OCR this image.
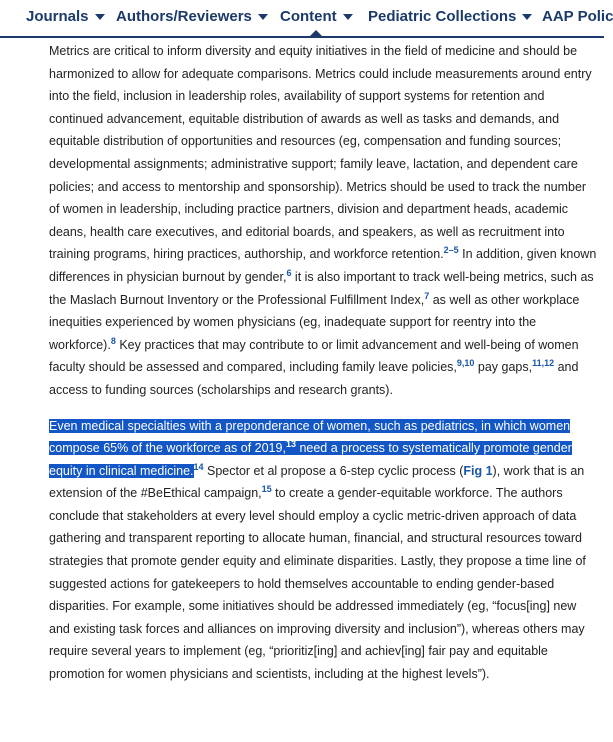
Journals	Authors/Reviewers	Content	Pediatric Collections	AAP Polic

Metrics are critical to inform diversity and equity initiatives in the field of medicine and should be harmonized to allow for adequate comparisons. Metrics could include measurements around entry into the field, inclusion in leadership roles, availability of support systems for retention and continued advancement, equitable distribution of awards as well as tasks and demands, and equitable distribution of opportunities and resources (eg, compensation and funding sources; developmental assignments; administrative support; family leave, lactation, and dependent care policies; and access to mentorship and sponsorship). Metrics should be used to track the number of women in leadership, including practice partners, division and department heads, academic deans, health care executives, and editorial boards, and speakers, as well as recruitment into training programs, hiring practices, authorship, and workforce retention.$^{2-5}$ In addition, given known differences in physician burnout by gender,$^6$ it is also important to track well-being metrics, such as the Maslach Burnout Inventory or the Professional Fulfillment Index,$^7$ as well as other workplace inequities experienced by women physicians (eg, inadequate support for reentry into the workforce).$^8$ Key practices that may contribute to or limit advancement and well-being of women faculty should be assessed and compared, including family leave policies,$^{9,10}$ pay gaps,$^{11,12}$ and access to funding sources (scholarships and research grants).

Even medical specialties with a preponderance of women, such as pediatrics, in which women compose 65% of the workforce as of 2019,13 need a process to systematically promote gender equity in clinical medicine.$^{14}$ Spector et al propose a 6-step cyclic process (Fig 1), work that is an extension of the #BeEthical campaign,$^{15}$ to create a gender-equitable workforce. The authors conclude that stakeholders at every level should employ a cyclic metric-driven approach of data gathering and transparent reporting to allocate human, financial, and structural resources toward strategies that promote gender equity and eliminate disparities. Lastly, they propose a time line of suggested actions for gatekeepers to hold themselves accountable to ending gender-based disparities. For example, some initiatives should be addressed immediately (eg, “focus[ing] new and existing task forces and alliances on improving diversity and inclusion”), whereas others may require several years to implement (eg, “prioritiz[ing] and achiev[ing] fair pay and equitable promotion for women physicians and scientists, including at the highest levels”).
